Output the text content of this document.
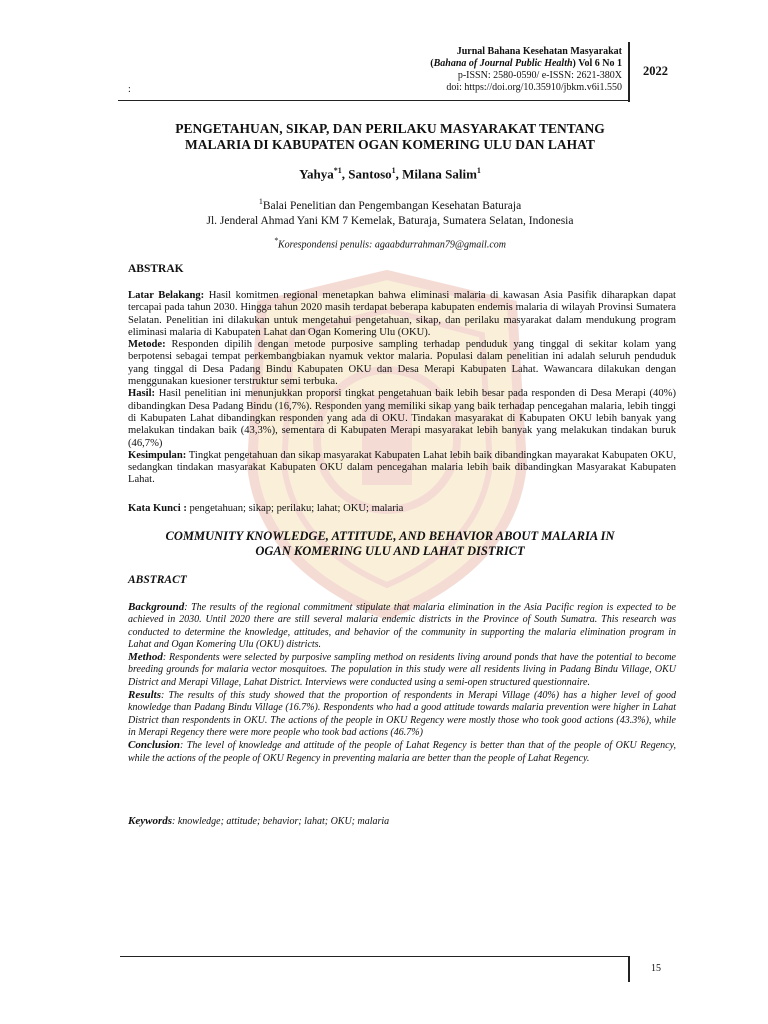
:
Jurnal Bahana Kesehatan Masyarakat
(Bahana of Journal Public Health) Vol 6 No 1
p-ISSN: 2580-0590/ e-ISSN: 2621-380X
doi: https://doi.org/10.35910/jbkm.v6i1.550
2022
PENGETAHUAN, SIKAP, DAN PERILAKU MASYARAKAT TENTANG
MALARIA DI KABUPATEN OGAN KOMERING ULU DAN LAHAT
Yahya$^{*1}$, Santoso$^1$, Milana Salim$^1$
$^1$Balai Penelitian dan Pengembangan Kesehatan Baturaja
Jl. Jenderal Ahmad Yani KM 7 Kemelak, Baturaja, Sumatera Selatan, Indonesia
*Korespondensi penulis: agaabdurrahman79@gmail.com
ABSTRAK
Latar Belakang: Hasil komitmen regional menetapkan bahwa eliminasi malaria di kawasan Asia Pasifik diharapkan dapat tercapai pada tahun 2030. Hingga tahun 2020 masih terdapat beberapa kabupaten endemis malaria di wilayah Provinsi Sumatera Selatan. Penelitian ini dilakukan untuk mengetahui pengetahuan, sikap, dan perilaku masyarakat dalam mendukung program eliminasi malaria di Kabupaten Lahat dan Ogan Komering Ulu (OKU).
Metode: Responden dipilih dengan metode purposive sampling terhadap penduduk yang tinggal di sekitar kolam yang berpotensi sebagai tempat perkembangbiakan nyamuk vektor malaria. Populasi dalam penelitian ini adalah seluruh penduduk yang tinggal di Desa Padang Bindu Kabupaten OKU dan Desa Merapi Kabupaten Lahat. Wawancara dilakukan dengan menggunakan kuesioner terstruktur semi terbuka.
Hasil: Hasil penelitian ini menunjukkan proporsi tingkat pengetahuan baik lebih besar pada responden di Desa Merapi (40%) dibandingkan Desa Padang Bindu (16,7%). Responden yang memiliki sikap yang baik terhadap pencegahan malaria, lebih tinggi di Kabupaten Lahat dibandingkan responden yang ada di OKU. Tindakan masyarakat di Kabupaten OKU lebih banyak yang melakukan tindakan baik (43,3%), sementara di Kabupaten Merapi masyarakat lebih banyak yang melakukan tindakan buruk (46,7%)
Kesimpulan: Tingkat pengetahuan dan sikap masyarakat Kabupaten Lahat lebih baik dibandingkan mayarakat Kabupaten OKU, sedangkan tindakan masyarakat Kabupaten OKU dalam pencegahan malaria lebih baik dibandingkan Masyarakat Kabupaten Lahat.
Kata Kunci : pengetahuan; sikap; perilaku; lahat; OKU; malaria
COMMUNITY KNOWLEDGE, ATTITUDE, AND BEHAVIOR ABOUT MALARIA IN
OGAN KOMERING ULU AND LAHAT DISTRICT
ABSTRACT
Background: The results of the regional commitment stipulate that malaria elimination in the Asia Pacific region is expected to be achieved in 2030. Until 2020 there are still several malaria endemic districts in the Province of South Sumatra. This research was conducted to determine the knowledge, attitudes, and behavior of the community in supporting the malaria elimination program in Lahat and Ogan Komering Ulu (OKU) districts.
Method: Respondents were selected by purposive sampling method on residents living around ponds that have the potential to become breeding grounds for malaria vector mosquitoes. The population in this study were all residents living in Padang Bindu Village, OKU District and Merapi Village, Lahat District. Interviews were conducted using a semi-open structured questionnaire.
Results: The results of this study showed that the proportion of respondents in Merapi Village (40%) has a higher level of good knowledge than Padang Bindu Village (16.7%). Respondents who had a good attitude towards malaria prevention were higher in Lahat District than respondents in OKU. The actions of the people in OKU Regency were mostly those who took good actions (43.3%), while in Merapi Regency there were more people who took bad actions (46.7%)
Conclusion: The level of knowledge and attitude of the people of Lahat Regency is better than that of the people of OKU Regency, while the actions of the people of OKU Regency in preventing malaria are better than the people of Lahat Regency.
Keywords: knowledge; attitude; behavior; lahat; OKU; malaria
15
